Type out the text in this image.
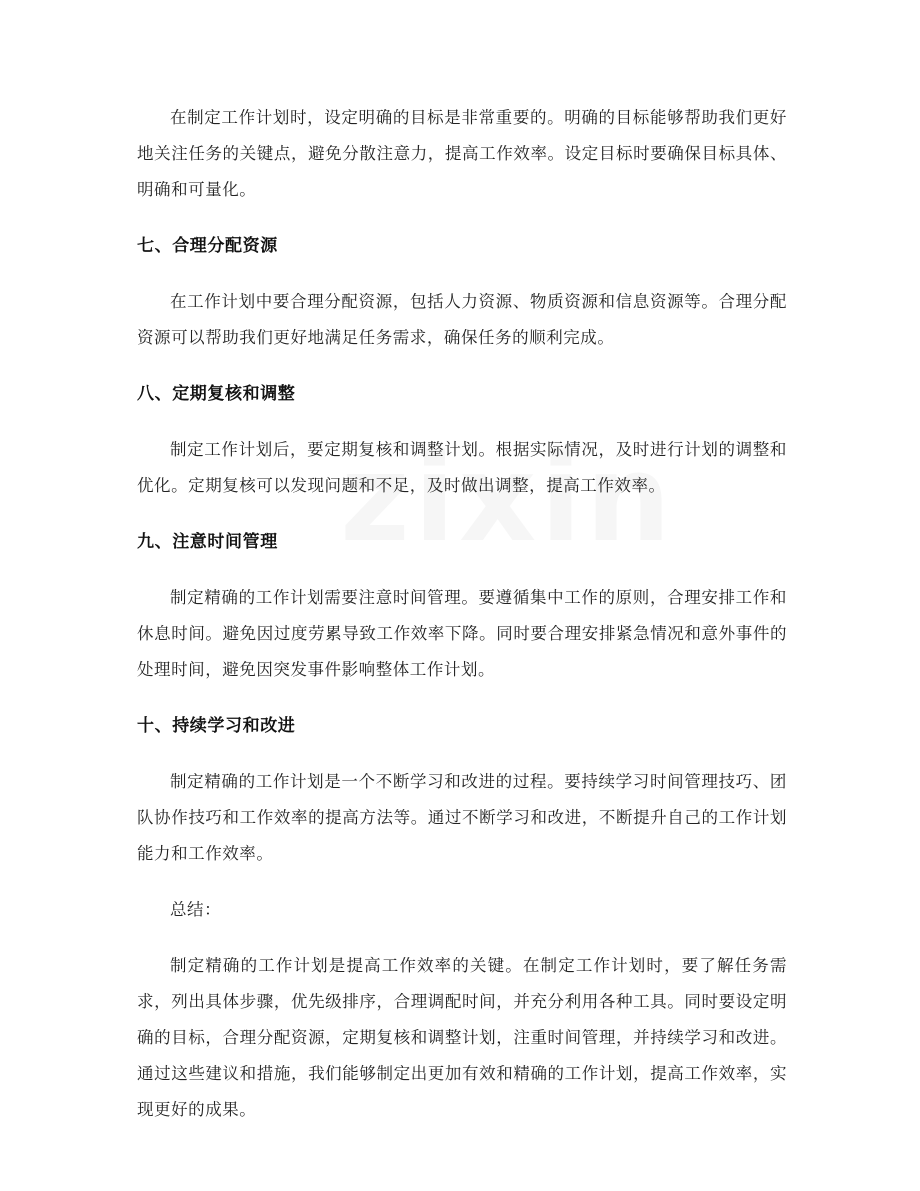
在制定工作计划时，设定明确的目标是非常重要的。明确的目标能够帮助我们更好地关注任务的关键点，避免分散注意力，提高工作效率。设定目标时要确保目标具体、明确和可量化。

七、合理分配资源

在工作计划中要合理分配资源，包括人力资源、物质资源和信息资源等。合理分配资源可以帮助我们更好地满足任务需求，确保任务的顺利完成。

八、定期复核和调整

制定工作计划后，要定期复核和调整计划。根据实际情况，及时进行计划的调整和优化。定期复核可以发现问题和不足，及时做出调整，提高工作效率。

九、注意时间管理

制定精确的工作计划需要注意时间管理。要遵循集中工作的原则，合理安排工作和休息时间。避免因过度劳累导致工作效率下降。同时要合理安排紧急情况和意外事件的处理时间，避免因突发事件影响整体工作计划。

十、持续学习和改进

制定精确的工作计划是一个不断学习和改进的过程。要持续学习时间管理技巧、团队协作技巧和工作效率的提高方法等。通过不断学习和改进，不断提升自己的工作计划能力和工作效率。

总结：

制定精确的工作计划是提高工作效率的关键。在制定工作计划时，要了解任务需求，列出具体步骤，优先级排序，合理调配时间，并充分利用各种工具。同时要设定明确的目标，合理分配资源，定期复核和调整计划，注重时间管理，并持续学习和改进。通过这些建议和措施，我们能够制定出更加有效和精确的工作计划，提高工作效率，实现更好的成果。
